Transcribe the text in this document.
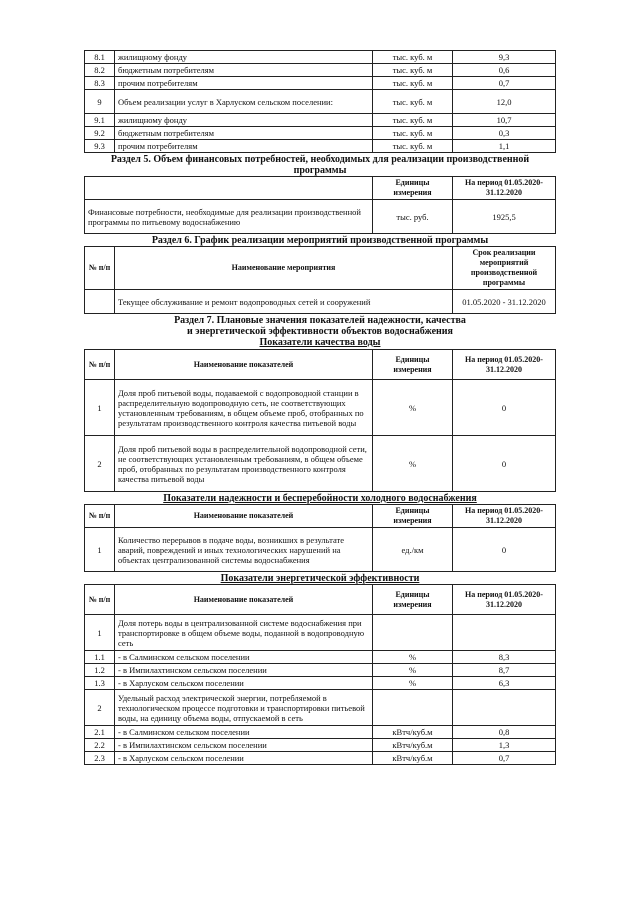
8.1	жилищному фонду	тыс. куб. м	9,3
8.2	бюджетным потребителям	тыс. куб. м	0,6
8.3	прочим потребителям	тыс. куб. м	0,7
9	Объем реализации услуг в Харлуском сельском поселении:	тыс. куб. м	12,0
9.1	жилищному фонду	тыс. куб. м	10,7
9.2	бюджетным потребителям	тыс. куб. м	0,3
9.3	прочим потребителям	тыс. куб. м	1,1
Раздел 5. Объем финансовых потребностей, необходимых для реализации производственной программы
	Единицы измерения	На период 01.05.2020-31.12.2020
Финансовые потребности, необходимые для реализации производственной программы по питьевому водоснабжению	тыс. руб.	1925,5
Раздел 6. График реализации мероприятий производственной программы
№ п/п	Наименование мероприятия	Срок реализации мероприятий производственной программы
	Текущее обслуживание и ремонт водопроводных сетей и сооружений	01.05.2020 - 31.12.2020
Раздел 7. Плановые значения показателей надежности, качества
и энергетической эффективности объектов водоснабжения
Показатели качества воды
№ п/п	Наименование показателей	Единицы измерения	На период 01.05.2020-31.12.2020
1	Доля проб питьевой воды, подаваемой с водопроводной станции в распределительную водопроводную сеть, не соответствующих установленным требованиям, в общем объеме проб, отобранных по результатам производственного контроля качества питьевой воды	%	0
2	Доля проб питьевой воды в распределительной водопроводной сети, не соответствующих установленным требованиям, в общем объеме проб, отобранных по результатам производственного контроля качества питьевой воды	%	0
Показатели надежности и бесперебойности холодного водоснабжения
№ п/п	Наименование показателей	Единицы измерения	На период 01.05.2020-31.12.2020
1	Количество перерывов в подаче воды, возникших в результате аварий, повреждений и иных технологических нарушений на объектах централизованной системы водоснабжения	ед./км	0
Показатели энергетической эффективности
№ п/п	Наименование показателей	Единицы измерения	На период 01.05.2020-31.12.2020
1	Доля потерь воды в централизованной системе водоснабжения при транспортировке в общем объеме воды, поданной в водопроводную сеть		
1.1	- в Салминском сельском поселении	%	8,3
1.2	- в Импилахтинском сельском поселении	%	8,7
1.3	- в Харлуском сельском поселении	%	6,3
2	Удельный расход электрической энергии, потребляемой в технологическом процессе подготовки и транспортировки питьевой воды, на единицу объема воды, отпускаемой в сеть		
2.1	- в Салминском сельском поселении	кВтч/куб.м	0,8
2.2	- в Импилахтинском сельском поселении	кВтч/куб.м	1,3
2.3	- в Харлуском сельском поселении	кВтч/куб.м	0,7
